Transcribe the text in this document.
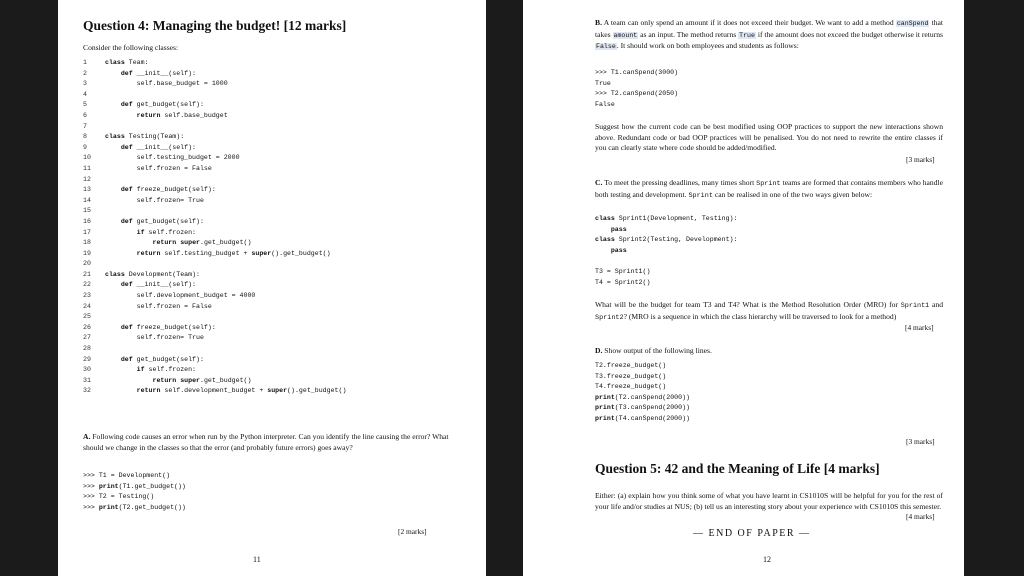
Question 4: Managing the budget! [12 marks]
Consider the following classes:
1	class Team:
2	def __init__(self):
3	self.base_budget = 1000
4
5	def get_budget(self):
6	return self.base_budget
7
8	class Testing(Team):
9	def __init__(self):
10        self.testing_budget = 2000
11        self.frozen = False
12
13	def freeze_budget(self):
14        self.frozen= True
15
16	def get_budget(self):
17	if self.frozen:
18	return super.get_budget()
19	return self.testing_budget + super().get_budget()
20
21 class Development(Team):
22	def __init__(self):
23        self.development_budget = 4000
24        self.frozen = False
25
26	def freeze_budget(self):
27        self.frozen= True
28
29	def get_budget(self):
30	if self.frozen:
31	return super.get_budget()
32	return self.development_budget + super().get_budget()
A. Following code causes an error when run by the Python interpreter. Can you identify the line causing the error? What should we change in the classes so that the error (and probably future errors) goes away?
>>> T1 = Development()
>>> print(T1.get_budget())
>>> T2 = Testing()
>>> print(T2.get_budget())
[2 marks]
11
B. A team can only spend an amount if it does not exceed their budget. We want to add a method canSpend that takes amount as an input. The method returns True if the amount does not exceed the budget otherwise it returns False. It should work on both employees and students as follows:
>>> T1.canSpend(3000)
True
>>> T2.canSpend(2050)
False
Suggest how the current code can be best modified using OOP practices to support the new interactions shown above. Redundant code or bad OOP practices will be penalised. You do not need to rewrite the entire classes if you can clearly state where code should be added/modified.
[3 marks]
C. To meet the pressing deadlines, many times short Sprint teams are formed that contains members who handle both testing and development. Sprint can be realised in one of the two ways given below:
class Sprint1(Development, Testing):
pass
class Sprint2(Testing, Development):
pass
T3 = Sprint1()
T4 = Sprint2()
What will be the budget for team T3 and T4? What is the Method Resolution Order (MRO) for Sprint1 and Sprint2? (MRO is a sequence in which the class hierarchy will be traversed to look for a method)
[4 marks]
D. Show output of the following lines.
T2.freeze_budget()
T3.freeze_budget()
T4.freeze_budget()
print(T2.canSpend(2000))
print(T3.canSpend(2000))
print(T4.canSpend(2000))
[3 marks]
Question 5: 42 and the Meaning of Life [4 marks]
Either: (a) explain how you think some of what you have learnt in CS1010S will be helpful for you for the rest of your life and/or studies at NUS; (b) tell us an interesting story about your experience with CS1010S this semester.
[4 marks]
— END OF PAPER —
12
